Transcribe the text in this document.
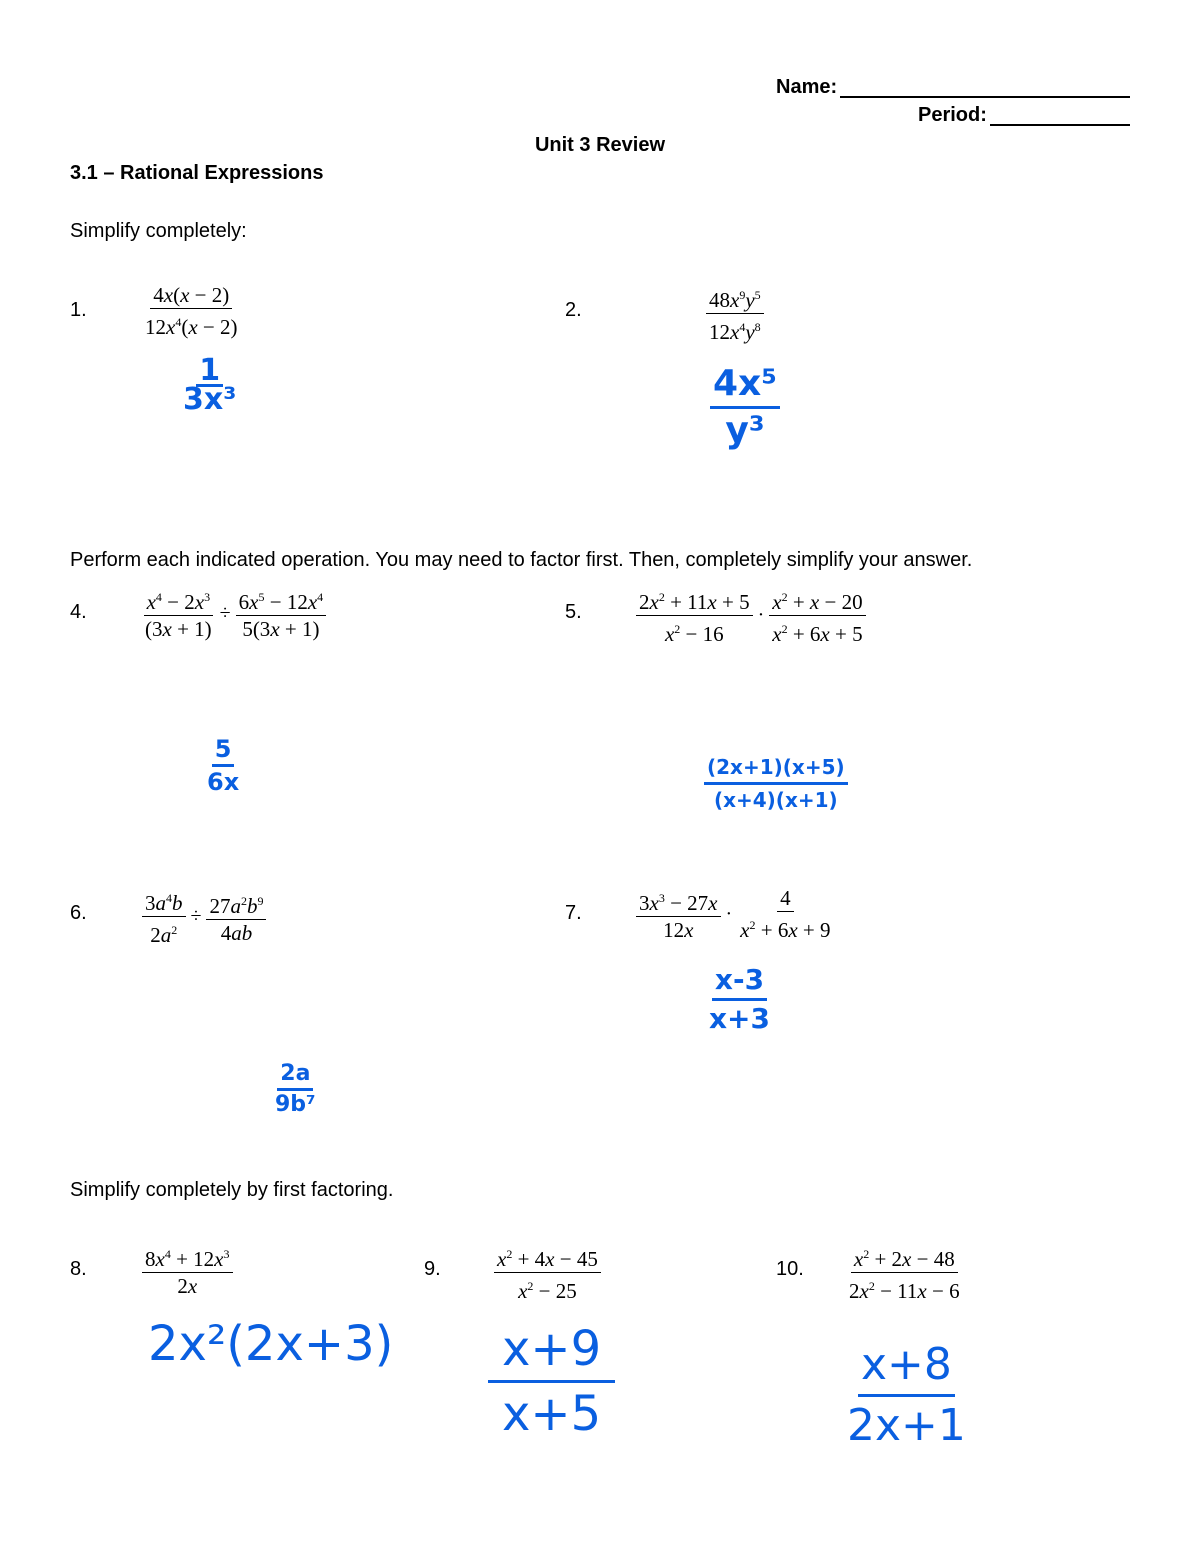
Name:
Period:
Unit 3 Review
3.1 – Rational Expressions
Simplify completely:
1.	$\frac{4x(x - 2)}{12x^4(x - 2)}$
$\frac{1}{\text{3x³}}$
2.	$\frac{48x^9y^5}{12x^4y^8}$
$\frac{\text{4x⁵}}{\text{y³}}$
Perform each indicated operation. You may need to factor first. Then, completely simplify your answer.
4.	$\frac{x^4 - 2x^3}{(3x + 1)} \div \frac{6x^5 - 12x^4}{5(3x + 1)}$
$\frac{5}{6x}$
5.	$\frac{2x^2 + 11x + 5}{x^2 - 16} \cdot \frac{x^2 + x - 20}{x^2 + 6x + 5}$
$\frac{(2x+1)(x+5)}{(x+4)(x+1)}$
6.	$\frac{3a^4b}{2a^2} \div \frac{27a^2b^9}{4ab}$
$\frac{2a}{\text{9b⁷}}$
7.	$\frac{3x^3 - 27x}{12x} \cdot \frac{4}{x^2 + 6x + 9}$
$\frac{x-3}{x+3}$
Simplify completely by first factoring.
8.	$\frac{8x^4 + 12x^3}{2x}$
2x²(2x+3)
9.	$\frac{x^2 + 4x - 45}{x^2 - 25}$
$\frac{x+9}{x+5}$
10. $\frac{x^2 + 2x - 48}{2x^2 - 11x - 6}$
$\frac{x+8}{2x+1}$
